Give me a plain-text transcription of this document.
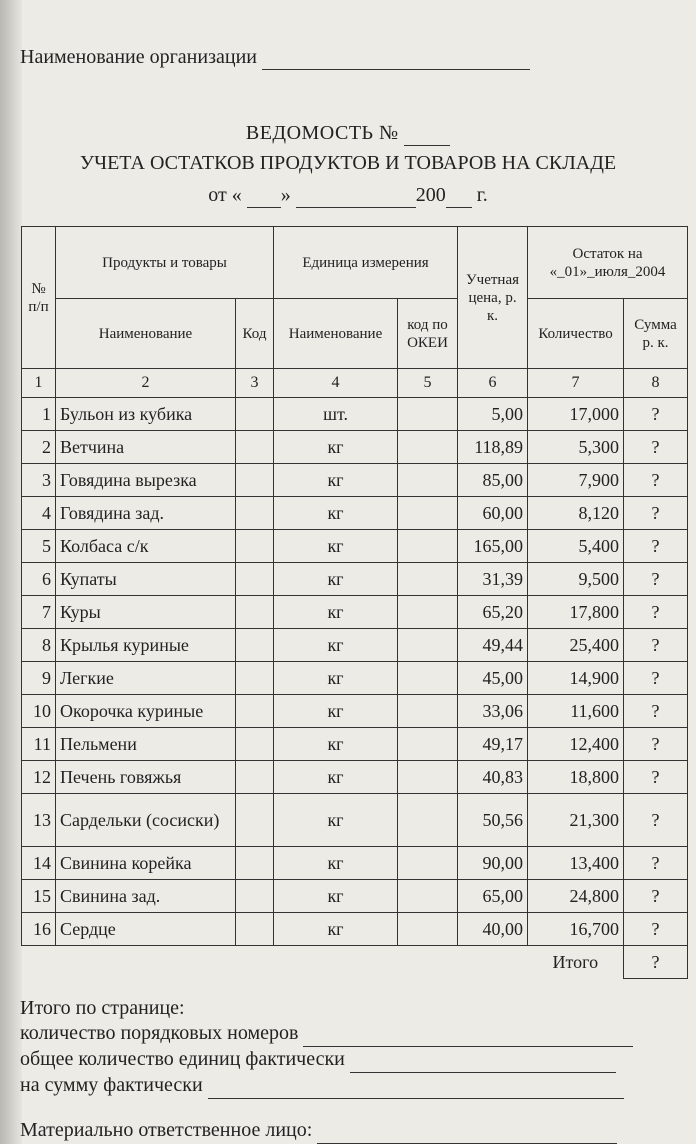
Наименование организации
ВЕДОМОСТЬ №
УЧЕТА ОСТАТКОВ ПРОДУКТОВ И ТОВАРОВ НА СКЛАДЕ
от « »	200 г.
№ п/п	Продукты и товары		Единица измерения		Учетная цена, р. к.	Остаток на
«_01»_июля_2004	
	Наименование	Код	Наименование	код по ОКЕИ		Количество	Сумма р. к.
1	2	3	4	5	6	7	8
1	Бульон из кубика		шт.		5,00	17,000	?
2	Ветчина		кг		118,89	5,300	?
3	Говядина вырезка		кг		85,00	7,900	?
4	Говядина зад.		кг		60,00	8,120	?
5	Колбаса с/к		кг		165,00	5,400	?
6	Купаты		кг		31,39	9,500	?
7	Куры		кг		65,20	17,800	?
8	Крылья куриные		кг		49,44	25,400	?
9	Легкие		кг		45,00	14,900	?
10	Окорочка куриные		кг		33,06	11,600	?
11	Пельмени		кг		49,17	12,400	?
12	Печень говяжья		кг		40,83	18,800	?
13	Сардельки (сосиски)		кг		50,56	21,300	?
14	Свинина корейка		кг		90,00	13,400	?
15	Свинина зад.		кг		65,00	24,800	?
16	Сердце		кг		40,00	16,700	?
						Итого	?
Итого по странице:
количество порядковых номеров
общее количество единиц фактически
на сумму фактически
Материально ответственное лицо:
